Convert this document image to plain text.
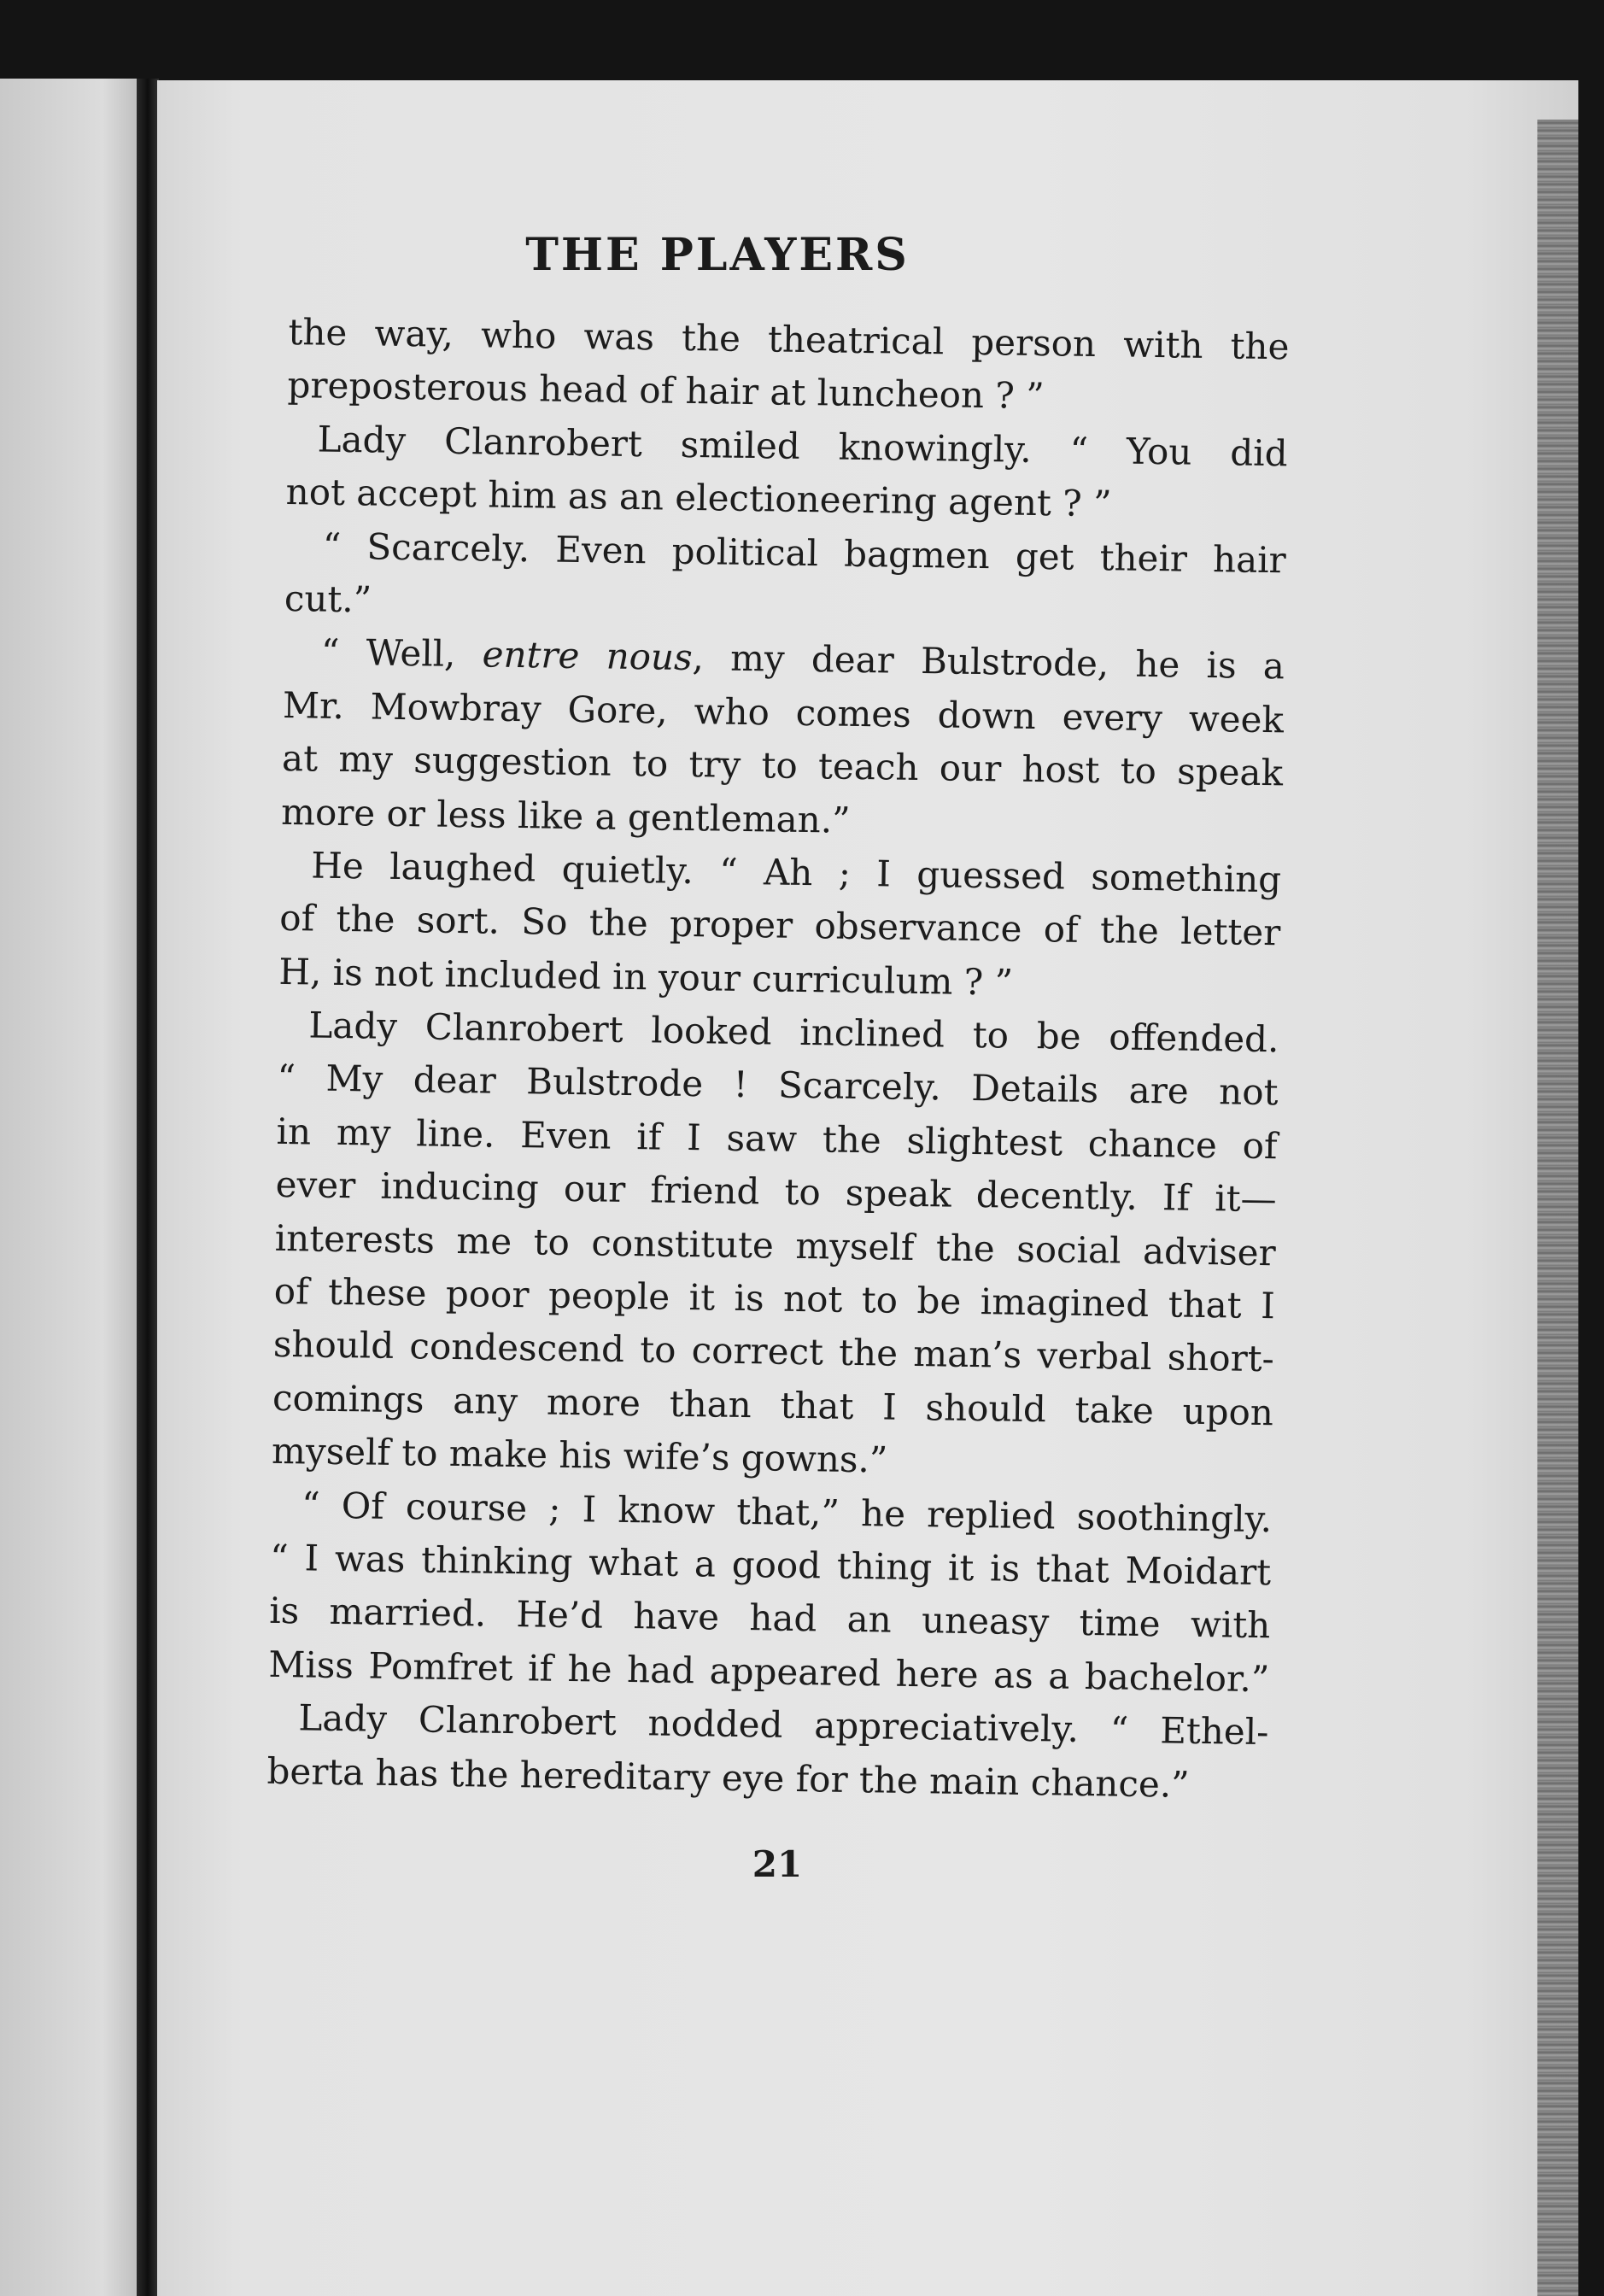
THE PLAYERS
the way, who was the theatrical person with the
preposterous head of hair at luncheon ? ”
Lady Clanrobert smiled knowingly. “ You did
not accept him as an electioneering agent ? ”
“ Scarcely. Even political bagmen get their hair
cut.”
“ Well, entre nous, my dear Bulstrode, he is a
Mr. Mowbray Gore, who comes down every week
at my suggestion to try to teach our host to speak
more or less like a gentleman.”
He laughed quietly. “ Ah ; I guessed something
of the sort. So the proper observance of the letter
H, is not included in your curriculum ? ”
Lady Clanrobert looked inclined to be offended.
“ My dear Bulstrode ! Scarcely. Details are not
in my line. Even if I saw the slightest chance of
ever inducing our friend to speak decently. If it—
interests me to constitute myself the social adviser
of these poor people it is not to be imagined that I
should condescend to correct the man’s verbal short-
comings any more than that I should take upon
myself to make his wife’s gowns.”
“ Of course ; I know that,” he replied soothingly.
“ I was thinking what a good thing it is that Moidart
is married. He’d have had an uneasy time with
Miss Pomfret if he had appeared here as a bachelor.”
Lady Clanrobert nodded appreciatively. “ Ethel-
berta has the hereditary eye for the main chance.”
21
